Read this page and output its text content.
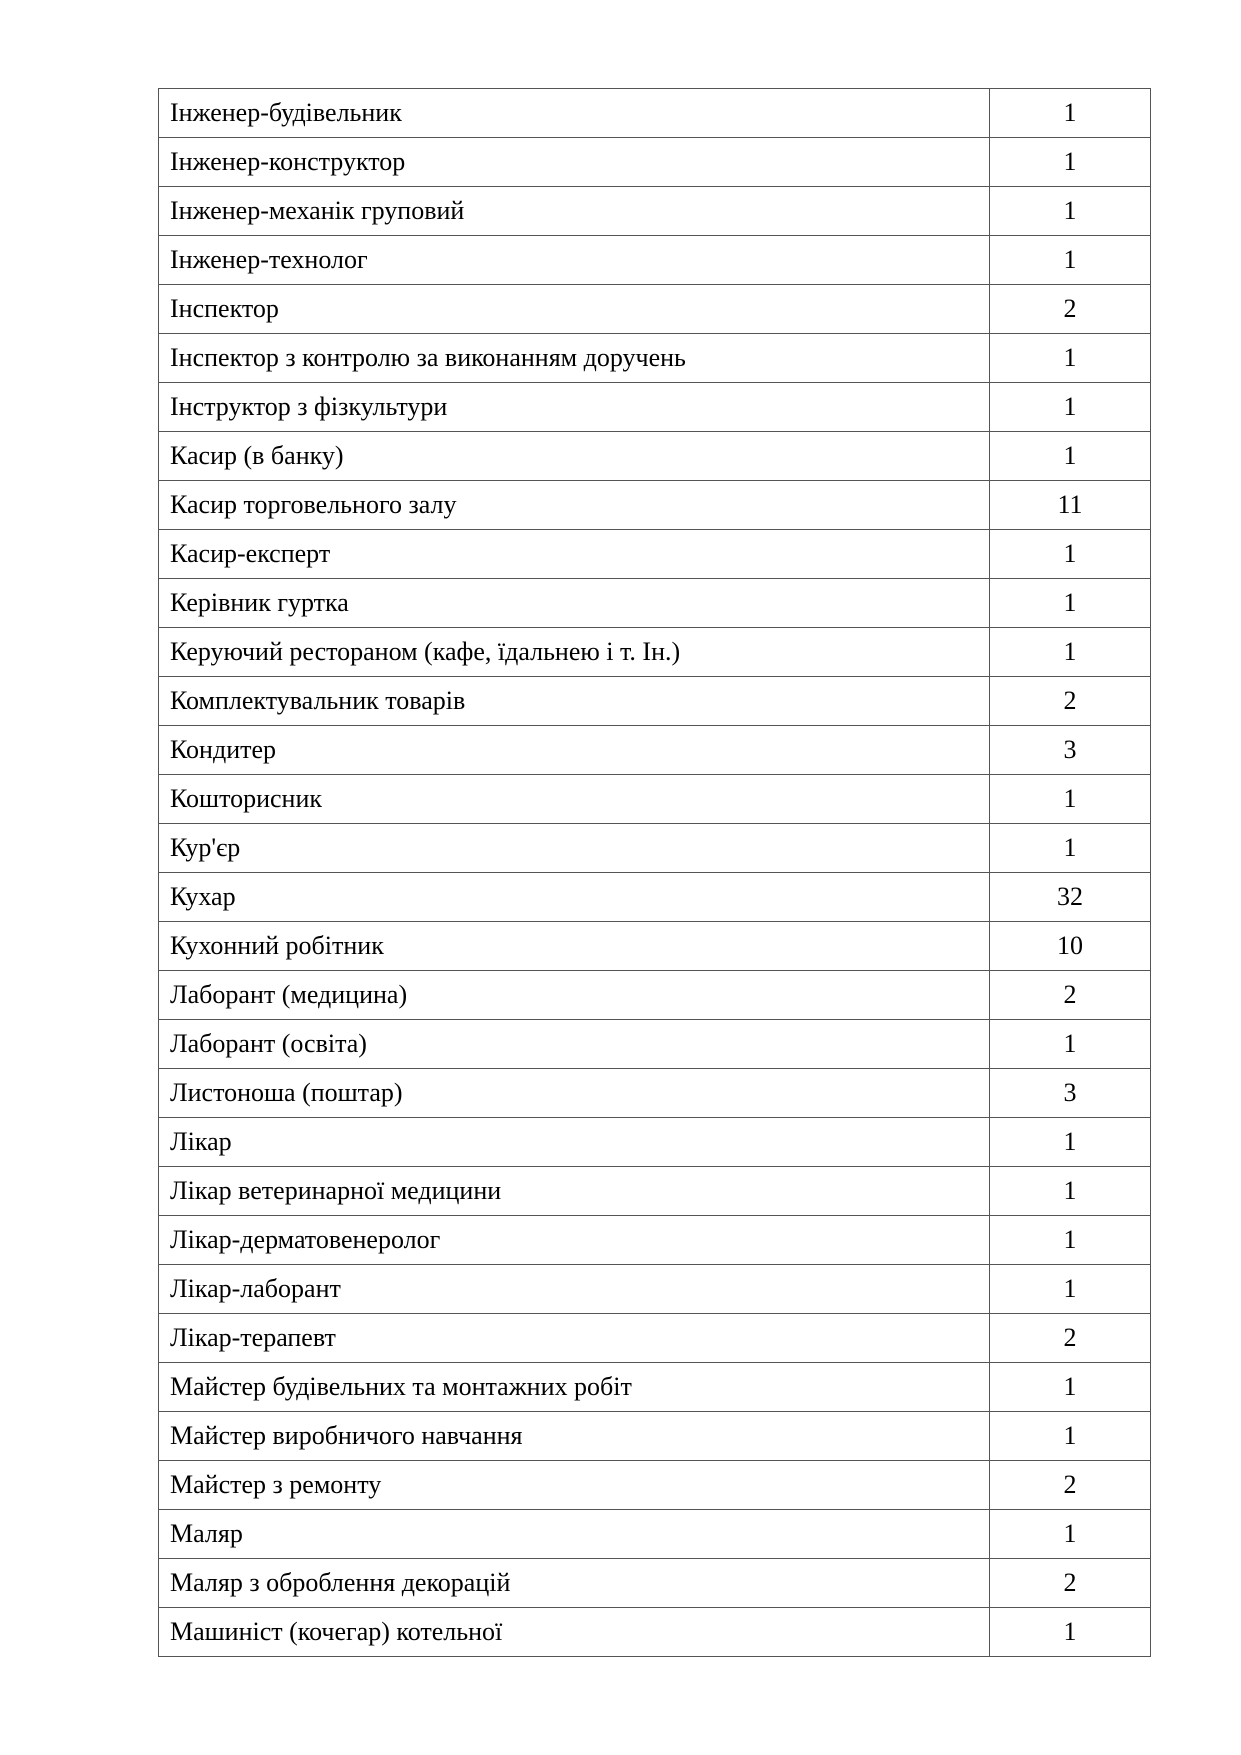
Інженер-будівельник	1
Інженер-конструктор	1
Інженер-механік груповий	1
Інженер-технолог	1
Інспектор	2
Інспектор з контролю за виконанням доручень	1
Інструктор з фізкультури	1
Касир (в банку)	1
Касир торговельного залу	11
Касир-експерт	1
Керівник гуртка	1
Керуючий рестораном (кафе, їдальнею і т. Ін.)	1
Комплектувальник товарів	2
Кондитер	3
Кошторисник	1
Кур'єр	1
Кухар	32
Кухонний робітник	10
Лаборант (медицина)	2
Лаборант (освіта)	1
Листоноша (поштар)	3
Лікар	1
Лікар ветеринарної медицини	1
Лікар-дерматовенеролог	1
Лікар-лаборант	1
Лікар-терапевт	2
Майстер будівельних та монтажних робіт	1
Майстер виробничого навчання	1
Майстер з ремонту	2
Маляр	1
Маляр з оброблення декорацій	2
Машиніст (кочегар) котельної	1
